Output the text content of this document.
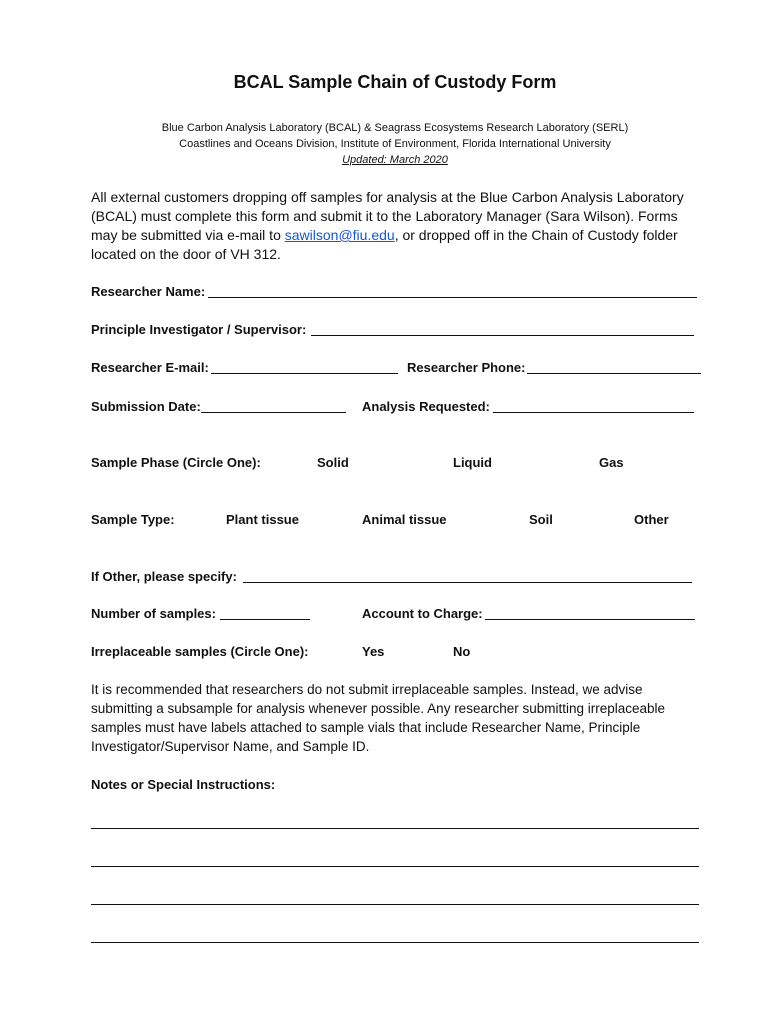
BCAL Sample Chain of Custody Form
Blue Carbon Analysis Laboratory (BCAL) & Seagrass Ecosystems Research Laboratory (SERL)
Coastlines and Oceans Division, Institute of Environment, Florida International University
Updated: March 2020
All external customers dropping off samples for analysis at the Blue Carbon Analysis Laboratory (BCAL) must complete this form and submit it to the Laboratory Manager (Sara Wilson). Forms may be submitted via e-mail to sawilson@fiu.edu, or dropped off in the Chain of Custody folder located on the door of VH 312.
Researcher Name:
Principle Investigator / Supervisor:
Researcher E-mail:	Researcher Phone:
Submission Date:	Analysis Requested:
Sample Phase (Circle One):	Solid	Liquid	Gas
Sample Type:	Plant tissue	Animal tissue	Soil	Other
If Other, please specify:
Number of samples:	Account to Charge:
Irreplaceable samples (Circle One):	Yes	No
It is recommended that researchers do not submit irreplaceable samples. Instead, we advise submitting a subsample for analysis whenever possible. Any researcher submitting irreplaceable samples must have labels attached to sample vials that include Researcher Name, Principle Investigator/Supervisor Name, and Sample ID.
Notes or Special Instructions:
